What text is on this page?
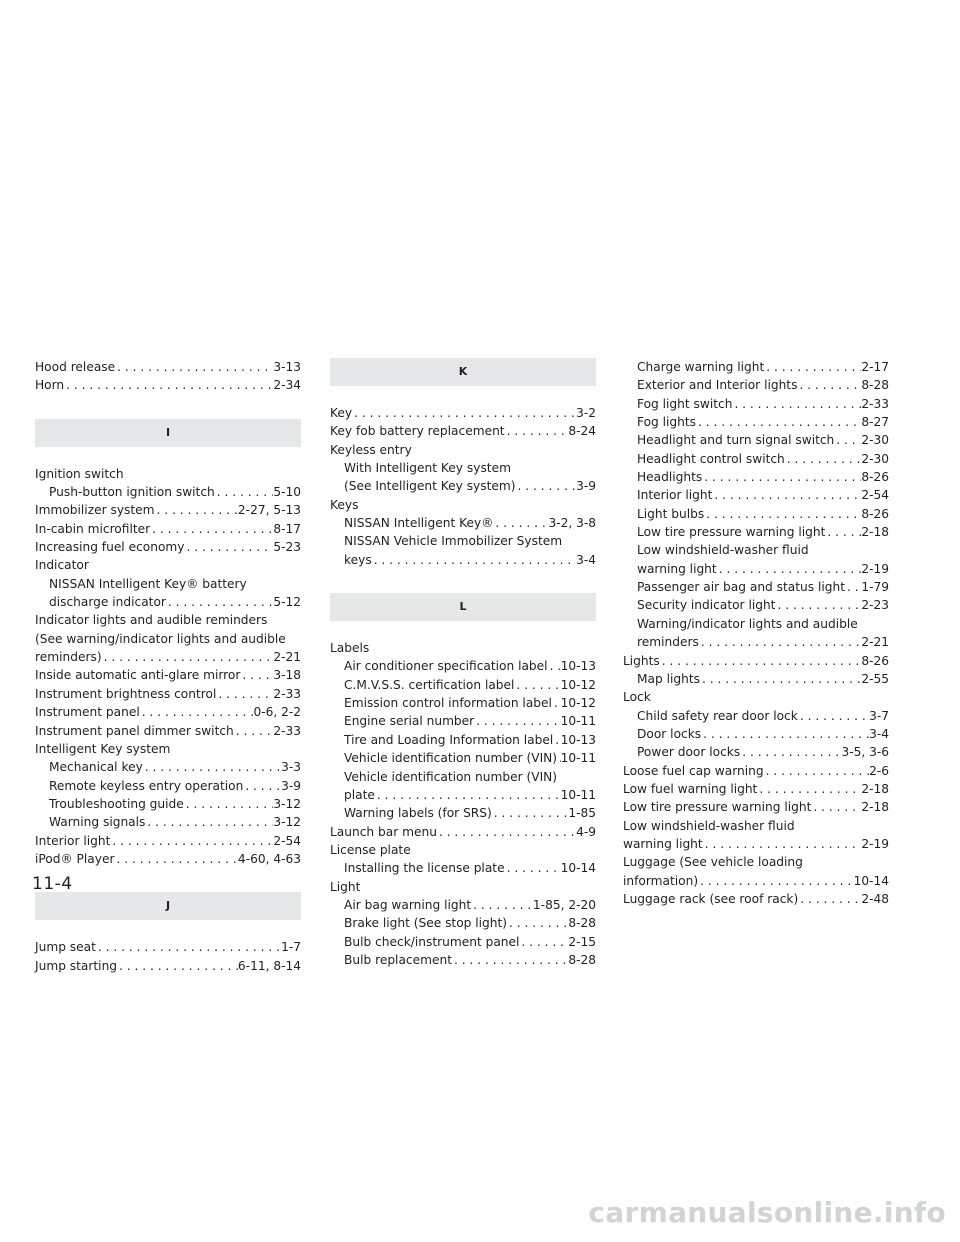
Hood release . . .	3-13
Horn . . .	2-34
I
Ignition switch
Push-button ignition switch . . .	5-10
Immobilizer system . . .	2-27, 5-13
In-cabin microfilter . . .	8-17
Increasing fuel economy . . .	5-23
Indicator
NISSAN Intelligent Key® battery
discharge indicator . . .	5-12
Indicator lights and audible reminders
(See warning/indicator lights and audible
reminders) . . .	2-21
Inside automatic anti-glare mirror . . .	3-18
Instrument brightness control . . .	2-33
Instrument panel . . .	0-6, 2-2
Instrument panel dimmer switch . . .	2-33
Intelligent Key system
Mechanical key . . .	3-3
Remote keyless entry operation . . .	3-9
Troubleshooting guide . . .	3-12
Warning signals . . .	3-12
Interior light . . .	2-54
iPod® Player . . .	4-60, 4-63
J
Jump seat . . .	1-7
Jump starting . . .	6-11, 8-14
K
Key . . .	3-2
Key fob battery replacement . . .	8-24
Keyless entry
With Intelligent Key system
(See Intelligent Key system) . . .	3-9
Keys
NISSAN Intelligent Key® . . .	3-2, 3-8
NISSAN Vehicle Immobilizer System
keys . . .	3-4
L
Labels
Air conditioner specification label . . . 10-13
C.M.V.S.S. certification label . . .	10-12
Emission control information label . . . 10-12
Engine serial number . . .	10-11
Tire and Loading Information label . . . 10-13
Vehicle identification number (VIN) . . . 10-11
Vehicle identification number (VIN)
plate . . .	10-11
Warning labels (for SRS) . . .	1-85
Launch bar menu . . .	4-9
License plate
Installing the license plate . . .	10-14
Light
Air bag warning light . . .	1-85, 2-20
Brake light (See stop light) . . .	8-28
Bulb check/instrument panel . . .	2-15
Bulb replacement . . .	8-28
Charge warning light . . .	2-17
Exterior and Interior lights . . .	8-28
Fog light switch . . .	2-33
Fog lights . . .	8-27
Headlight and turn signal switch . . . 2-30
Headlight control switch . . .	2-30
Headlights . . .	8-26
Interior light . . .	2-54
Light bulbs . . .	8-26
Low tire pressure warning light . . .	2-18
Low windshield-washer fluid
warning light . . .	2-19
Passenger air bag and status light . . . 1-79
Security indicator light . . .	2-23
Warning/indicator lights and audible
reminders . . .	2-21
Lights . . .	8-26
Map lights . . .	2-55
Lock
Child safety rear door lock . . .	3-7
Door locks . . .	3-4
Power door locks . . .	3-5, 3-6
Loose fuel cap warning . . .	2-6
Low fuel warning light . . .	2-18
Low tire pressure warning light . . .	2-18
Low windshield-washer fluid
warning light . . .	2-19
Luggage (See vehicle loading
information) . . .	10-14
Luggage rack (see roof rack) . . .	2-48
11-4
carmanualsonline.info
